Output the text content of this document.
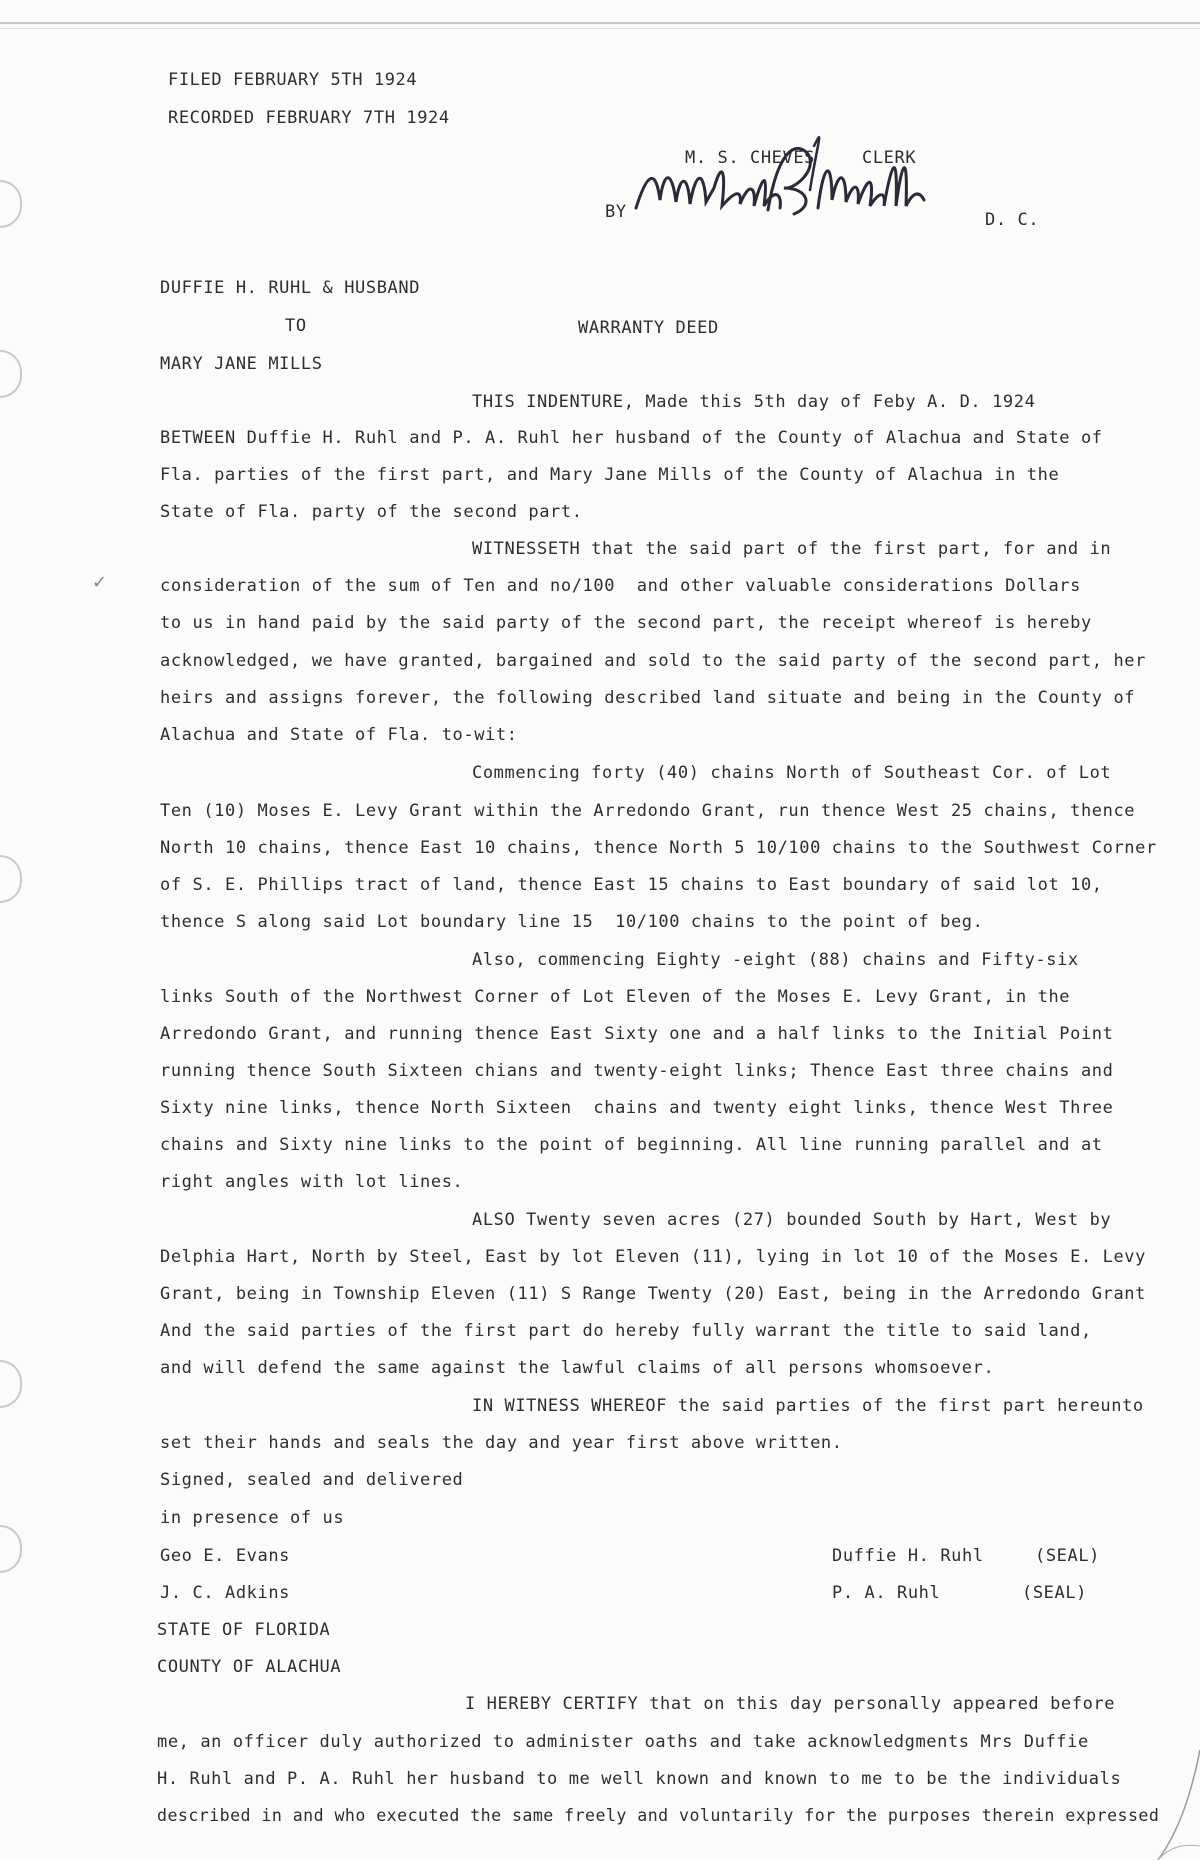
✓
FILED FEBRUARY 5TH 1924
RECORDED FEBRUARY 7TH 1924
M. S. CHEVES	CLERK
BY	D. C.
DUFFIE H. RUHL & HUSBAND
TO	WARRANTY DEED
MARY JANE MILLS
THIS INDENTURE, Made this 5th day of Feby A. D. 1924
BETWEEN Duffie H. Ruhl and P. A. Ruhl her husband of the County of Alachua and State of
Fla. parties of the first part, and Mary Jane Mills of the County of Alachua in the
State of Fla. party of the second part.
WITNESSETH that the said part of the first part, for and in
consideration of the sum of Ten and no/100  and other valuable considerations Dollars
to us in hand paid by the said party of the second part, the receipt whereof is hereby
acknowledged, we have granted, bargained and sold to the said party of the second part, her
heirs and assigns forever, the following described land situate and being in the County of
Alachua and State of Fla. to-wit:
Commencing forty (40) chains North of Southeast Cor. of Lot
Ten (10) Moses E. Levy Grant within the Arredondo Grant, run thence West 25 chains, thence
North 10 chains, thence East 10 chains, thence North 5 10/100 chains to the Southwest Corner
of S. E. Phillips tract of land, thence East 15 chains to East boundary of said lot 10,
thence S along said Lot boundary line 15  10/100 chains to the point of beg.
Also, commencing Eighty -eight (88) chains and Fifty-six
links South of the Northwest Corner of Lot Eleven of the Moses E. Levy Grant, in the
Arredondo Grant, and running thence East Sixty one and a half links to the Initial Point
running thence South Sixteen chians and twenty-eight links; Thence East three chains and
Sixty nine links, thence North Sixteen  chains and twenty eight links, thence West Three
chains and Sixty nine links to the point of beginning. All line running parallel and at
right angles with lot lines.
ALSO Twenty seven acres (27) bounded South by Hart, West by
Delphia Hart, North by Steel, East by lot Eleven (11), lying in lot 10 of the Moses E. Levy
Grant, being in Township Eleven (11) S Range Twenty (20) East, being in the Arredondo Grant
And the said parties of the first part do hereby fully warrant the title to said land,
and will defend the same against the lawful claims of all persons whomsoever.
IN WITNESS WHEREOF the said parties of the first part hereunto
set their hands and seals the day and year first above written.
Signed, sealed and delivered
in presence of us
Geo E. Evans
J. C. Adkins
Duffie H. Ruhl	(SEAL)
P. A. Ruhl	(SEAL)
STATE OF FLORIDA
COUNTY OF ALACHUA
I HEREBY CERTIFY that on this day personally appeared before
me, an officer duly authorized to administer oaths and take acknowledgments Mrs Duffie
H. Ruhl and P. A. Ruhl her husband to me well known and known to me to be the individuals
described in and who executed the same freely and voluntarily for the purposes therein expressed
